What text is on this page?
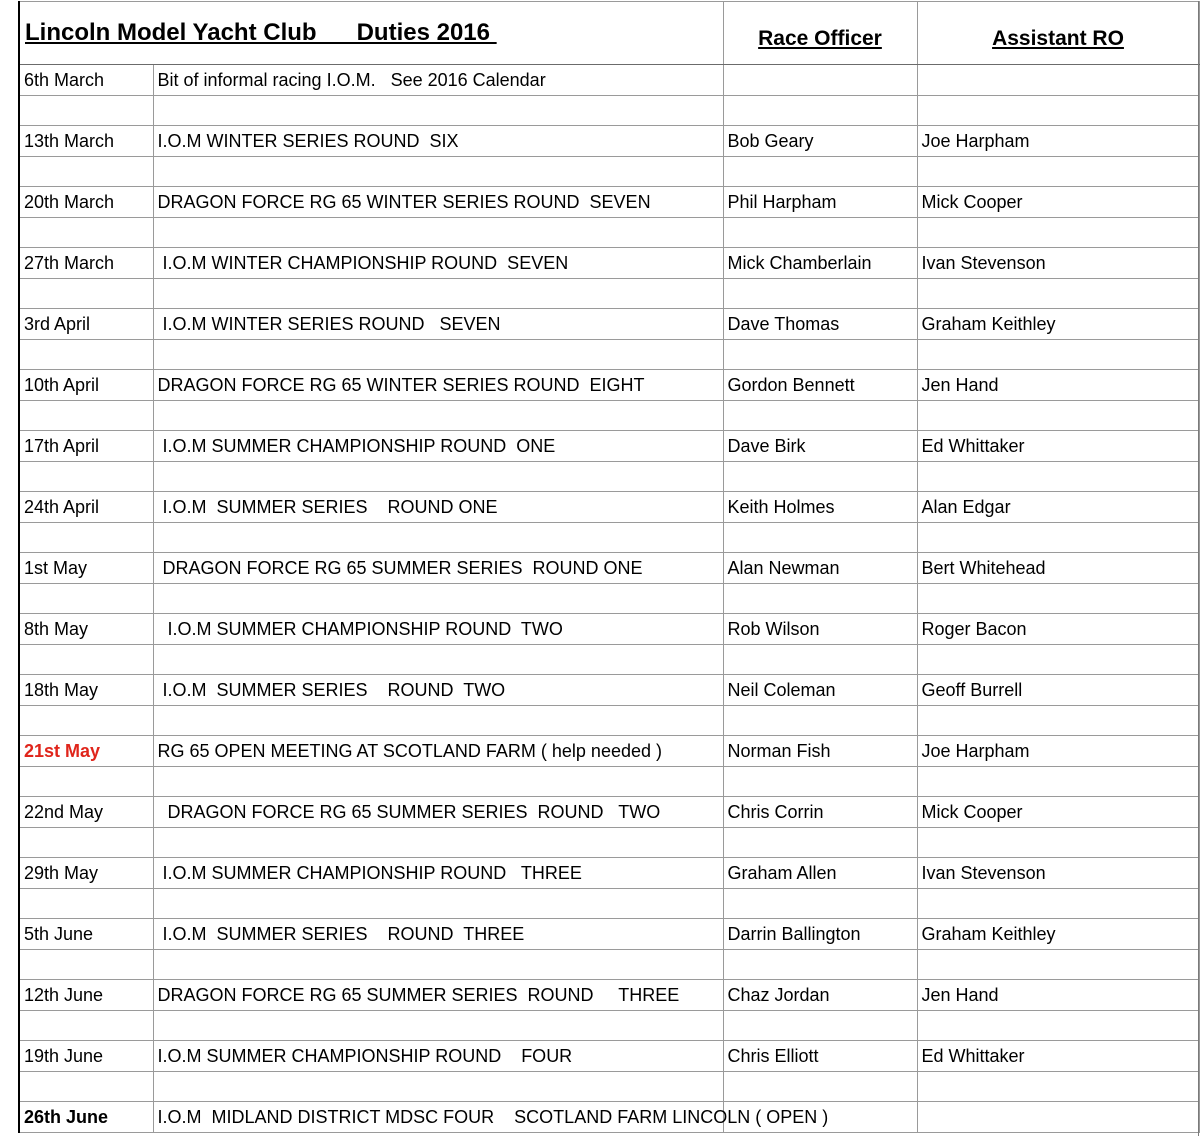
Lincoln Model Yacht Club      Duties 2016		Race Officer	Assistant RO
6th March	Bit of informal racing I.O.M.   See 2016 Calendar		

13th March	I.O.M WINTER SERIES ROUND  SIX	Bob Geary	Joe Harpham

20th March	DRAGON FORCE RG 65 WINTER SERIES ROUND  SEVEN	Phil Harpham	Mick Cooper

27th March	I.O.M WINTER CHAMPIONSHIP ROUND  SEVEN	Mick Chamberlain	Ivan Stevenson

3rd April	I.O.M WINTER SERIES ROUND   SEVEN	Dave Thomas	Graham Keithley

10th April	DRAGON FORCE RG 65 WINTER SERIES ROUND  EIGHT	Gordon Bennett	Jen Hand

17th April	I.O.M SUMMER CHAMPIONSHIP ROUND  ONE	Dave Birk	Ed Whittaker

24th April	I.O.M  SUMMER SERIES    ROUND ONE	Keith Holmes	Alan Edgar

1st May	DRAGON FORCE RG 65 SUMMER SERIES  ROUND ONE	Alan Newman	Bert Whitehead

8th May	I.O.M SUMMER CHAMPIONSHIP ROUND  TWO	Rob Wilson	Roger Bacon

18th May	I.O.M  SUMMER SERIES    ROUND  TWO	Neil Coleman	Geoff Burrell

21st May	RG 65 OPEN MEETING AT SCOTLAND FARM ( help needed )	Norman Fish	Joe Harpham

22nd May	DRAGON FORCE RG 65 SUMMER SERIES  ROUND   TWO	Chris Corrin	Mick Cooper

29th May	I.O.M SUMMER CHAMPIONSHIP ROUND   THREE	Graham Allen	Ivan Stevenson

5th June	I.O.M  SUMMER SERIES    ROUND  THREE	Darrin Ballington	Graham Keithley

12th June	DRAGON FORCE RG 65 SUMMER SERIES  ROUND     THREE	Chaz Jordan	Jen Hand

19th June	I.O.M SUMMER CHAMPIONSHIP ROUND    FOUR	Chris Elliott	Ed Whittaker

26th June	I.O.M  MIDLAND DISTRICT MDSC FOUR    SCOTLAND FARM LINCOLN ( OPEN )		
